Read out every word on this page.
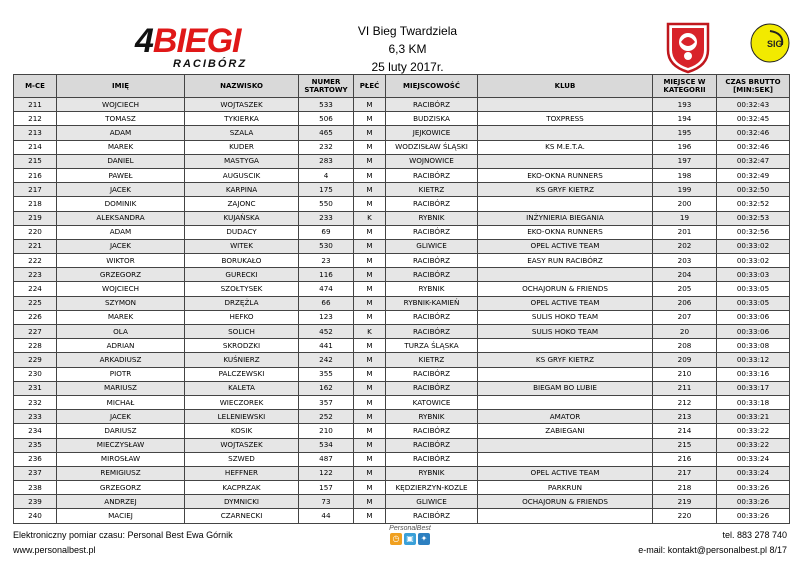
4BIEGI
RACIBÓRZ
VI Bieg Twardziela
6,3 KM
25 luty 2017r.
SIG
M-CE	IMIĘ	NAZWISKO	NUMER STARTOWY	PŁEĆ	MIEJSCOWOŚĆ	KLUB	MIEJSCE W KATEGORII	CZAS BRUTTO [MIN:SEK]
211	WOJCIECH	WOJTASZEK	533	M	RACIBÓRZ		193	00:32:43
212	TOMASZ	TYKIERKA	506	M	BUDZISKA	TOXPRESS	194	00:32:45
213	ADAM	SZALA	465	M	JEJKOWICE		195	00:32:46
214	MAREK	KUDER	232	M	WODZISŁAW ŚLĄSKI	KS M.E.T.A.	196	00:32:46
215	DANIEL	MASTYGA	283	M	WOJNOWICE		197	00:32:47
216	PAWEŁ	AUGUSCIK	4	M	RACIBÓRZ	EKO-OKNA RUNNERS	198	00:32:49
217	JACEK	KARPINA	175	M	KIETRZ	KS GRYF KIETRZ	199	00:32:50
218	DOMINIK	ZAJONC	550	M	RACIBÓRZ		200	00:32:52
219	ALEKSANDRA	KUJAŃSKA	233	K	RYBNIK	INŻYNIERIA BIEGANIA	19	00:32:53
220	ADAM	DUDACY	69	M	RACIBÓRZ	EKO-OKNA RUNNERS	201	00:32:56
221	JACEK	WITEK	530	M	GLIWICE	OPEL ACTIVE TEAM	202	00:33:02
222	WIKTOR	BORUKAŁO	23	M	RACIBÓRZ	EASY RUN RACIBÓRZ	203	00:33:02
223	GRZEGORZ	GURECKI	116	M	RACIBÓRZ		204	00:33:03
224	WOJCIECH	SZOŁTYSEK	474	M	RYBNIK	OCHAJORUN & FRIENDS	205	00:33:05
225	SZYMON	DRZĘŻLA	66	M	RYBNIK-KAMIEŃ	OPEL ACTIVE TEAM	206	00:33:05
226	MAREK	HEFKO	123	M	RACIBÓRZ	SULIS HOKO TEAM	207	00:33:06
227	OLA	SOLICH	452	K	RACIBÓRZ	SULIS HOKO TEAM	20	00:33:06
228	ADRIAN	SKRODZKI	441	M	TURZA ŚLĄSKA		208	00:33:08
229	ARKADIUSZ	KUŚNIERZ	242	M	KIETRZ	KS GRYF KIETRZ	209	00:33:12
230	PIOTR	PALCZEWSKI	355	M	RACIBÓRZ		210	00:33:16
231	MARIUSZ	KALETA	162	M	RACIBÓRZ	BIEGAM BO LUBIE	211	00:33:17
232	MICHAŁ	WIECZOREK	357	M	KATOWICE		212	00:33:18
233	JACEK	LELENIEWSKI	252	M	RYBNIK	AMATOR	213	00:33:21
234	DARIUSZ	KOSIK	210	M	RACIBÓRZ	ZABIEGANI	214	00:33:22
235	MIECZYSŁAW	WOJTASZEK	534	M	RACIBÓRZ		215	00:33:22
236	MIROSŁAW	SZWED	487	M	RACIBÓRZ		216	00:33:24
237	REMIGIUSZ	HEFFNER	122	M	RYBNIK	OPEL ACTIVE TEAM	217	00:33:24
238	GRZEGORZ	KACPRZAK	157	M	KĘDZIERZYN-KOZLE	PARKRUN	218	00:33:26
239	ANDRZEJ	DYMNICKI	73	M	GLIWICE	OCHAJORUN & FRIENDS	219	00:33:26
240	MACIEJ	CZARNECKI	44	M	RACIBÓRZ		220	00:33:26
Elektroniczny pomiar czasu: Personal Best Ewa Górnik
www.personalbest.pl
PersonalBest
◷ ▣ ✦	tel. 883 278 740
e-mail: kontakt@personalbest.pl 8/17
